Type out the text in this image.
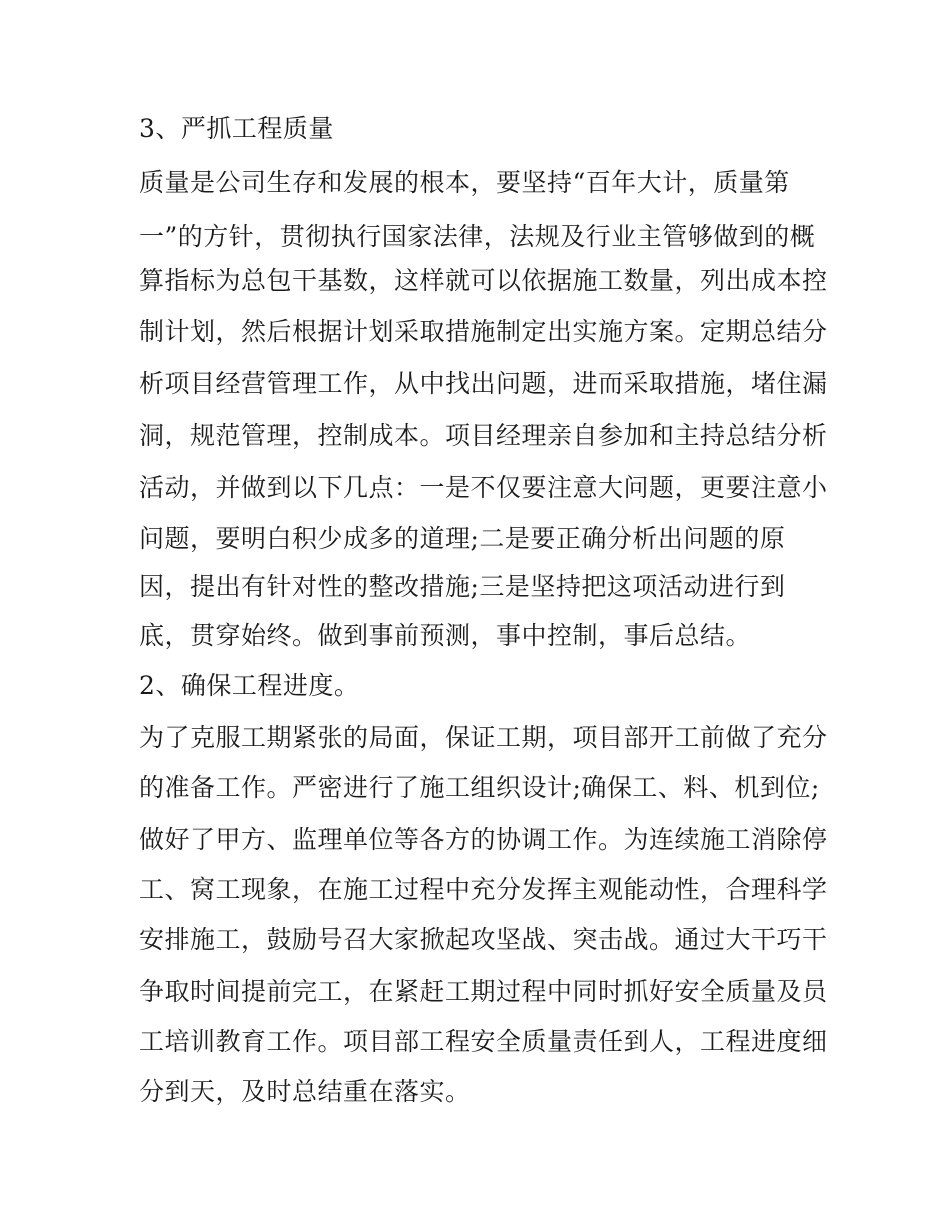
3、严抓工程质量
质量是公司生存和发展的根本，要坚持“百年大计，质量第
一”的方针，贯彻执行国家法律，法规及行业主管够做到的概
算指标为总包干基数，这样就可以依据施工数量，列出成本控
制计划，然后根据计划采取措施制定出实施方案。定期总结分
析项目经营管理工作，从中找出问题，进而采取措施，堵住漏
洞，规范管理，控制成本。项目经理亲自参加和主持总结分析
活动，并做到以下几点：一是不仅要注意大问题，更要注意小
问题，要明白积少成多的道理;二是要正确分析出问题的原
因，提出有针对性的整改措施;三是坚持把这项活动进行到
底，贯穿始终。做到事前预测，事中控制，事后总结。
2、确保工程进度。
为了克服工期紧张的局面，保证工期，项目部开工前做了充分
的准备工作。严密进行了施工组织设计;确保工、料、机到位;
做好了甲方、监理单位等各方的协调工作。为连续施工消除停
工、窝工现象，在施工过程中充分发挥主观能动性，合理科学
安排施工，鼓励号召大家掀起攻坚战、突击战。通过大干巧干
争取时间提前完工，在紧赶工期过程中同时抓好安全质量及员
工培训教育工作。项目部工程安全质量责任到人，工程进度细
分到天，及时总结重在落实。
